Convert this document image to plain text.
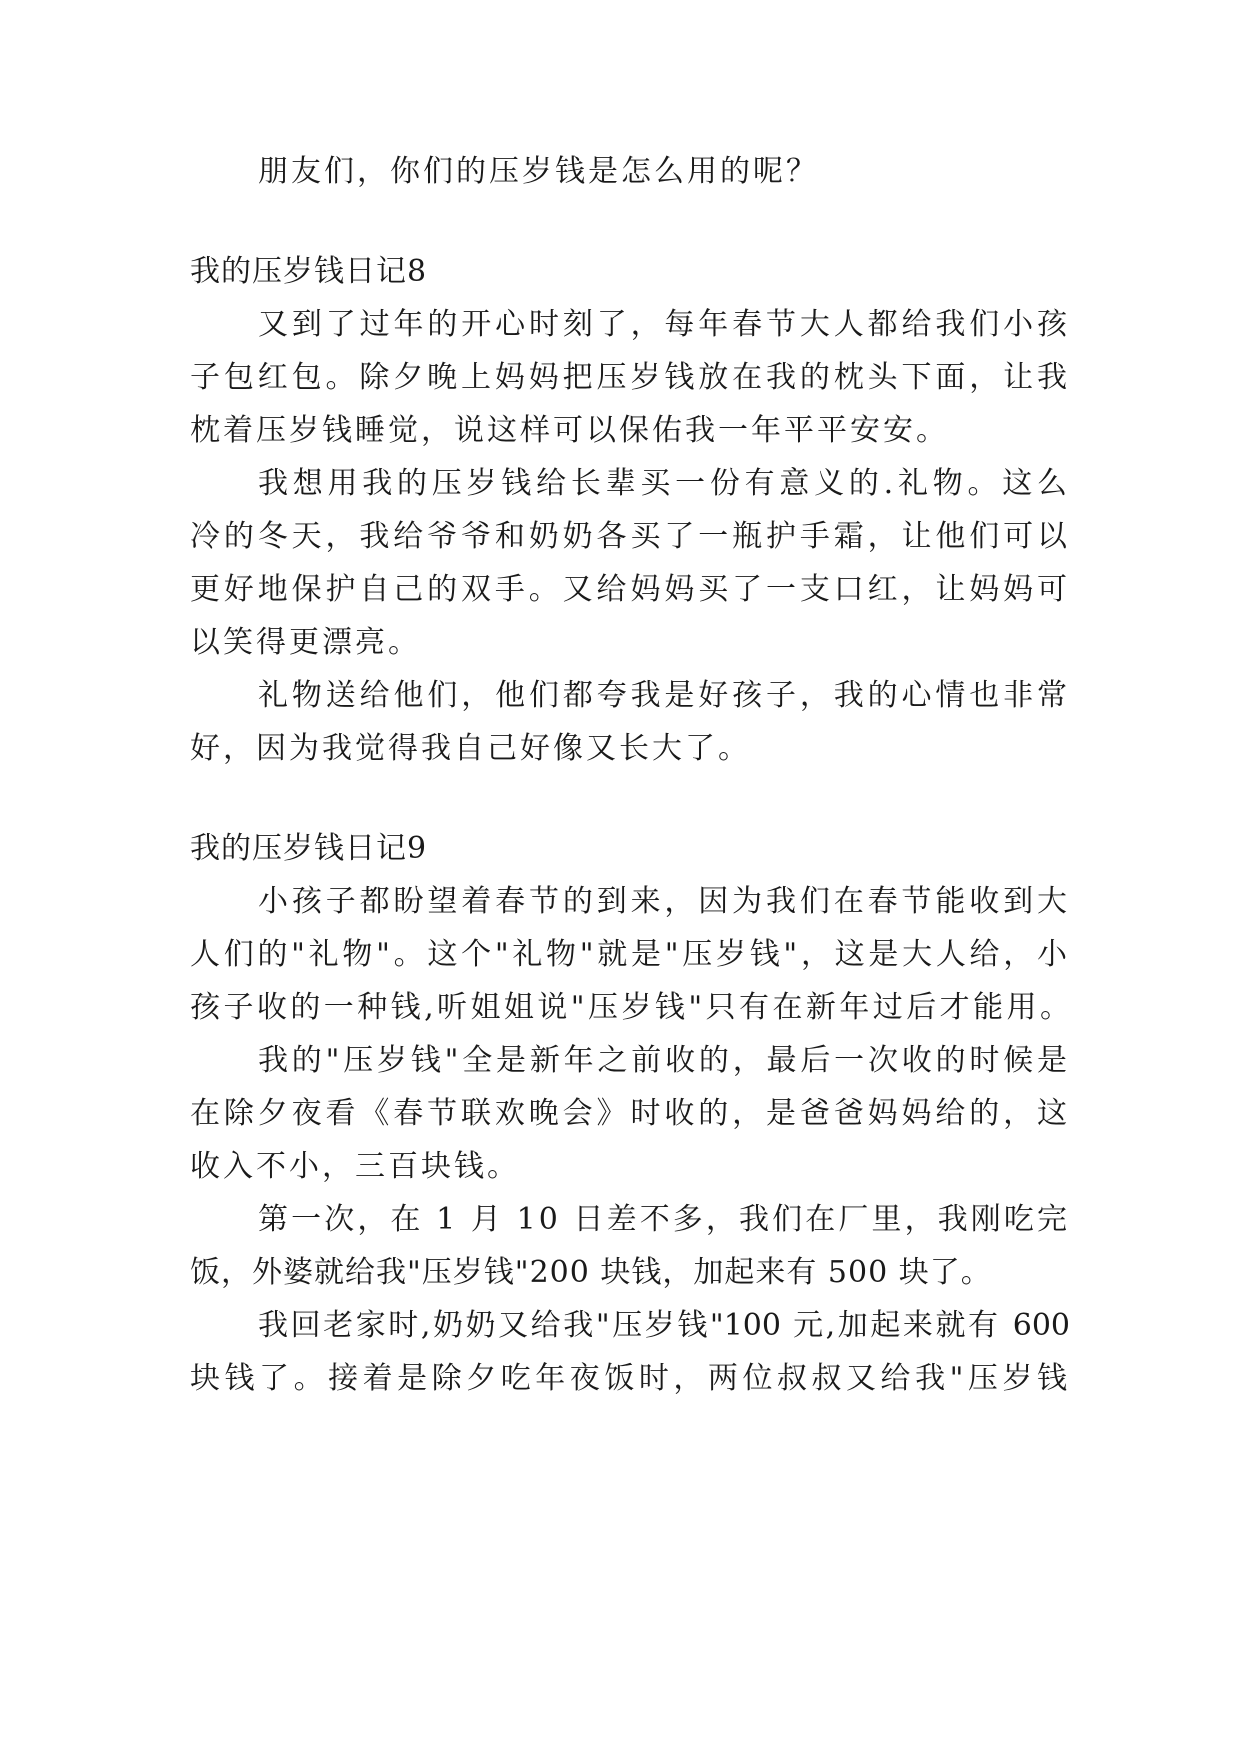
朋友们，你们的压岁钱是怎么用的呢？
我的压岁钱日记8
又到了过年的开心时刻了，每年春节大人都给我们小孩
子包红包。除夕晚上妈妈把压岁钱放在我的枕头下面，让我
枕着压岁钱睡觉，说这样可以保佑我一年平平安安。
我想用我的压岁钱给长辈买一份有意义的.礼物。这么
冷的冬天，我给爷爷和奶奶各买了一瓶护手霜，让他们可以
更好地保护自己的双手。又给妈妈买了一支口红，让妈妈可
以笑得更漂亮。
礼物送给他们，他们都夸我是好孩子，我的心情也非常
好，因为我觉得我自己好像又长大了。
我的压岁钱日记9
小孩子都盼望着春节的到来，因为我们在春节能收到大
人们的"礼物"。这个"礼物"就是"压岁钱"，这是大人给，小
孩子收的一种钱,听姐姐说"压岁钱"只有在新年过后才能用。
我的"压岁钱"全是新年之前收的，最后一次收的时候是
在除夕夜看《春节联欢晚会》时收的，是爸爸妈妈给的，这
收入不小，三百块钱。
第一次，在 1 月 10 日差不多，我们在厂里，我刚吃完
饭，外婆就给我"压岁钱"200 块钱，加起来有 500 块了。
我回老家时,奶奶又给我"压岁钱"100 元,加起来就有 600
块钱了。接着是除夕吃年夜饭时，两位叔叔又给我"压岁钱
